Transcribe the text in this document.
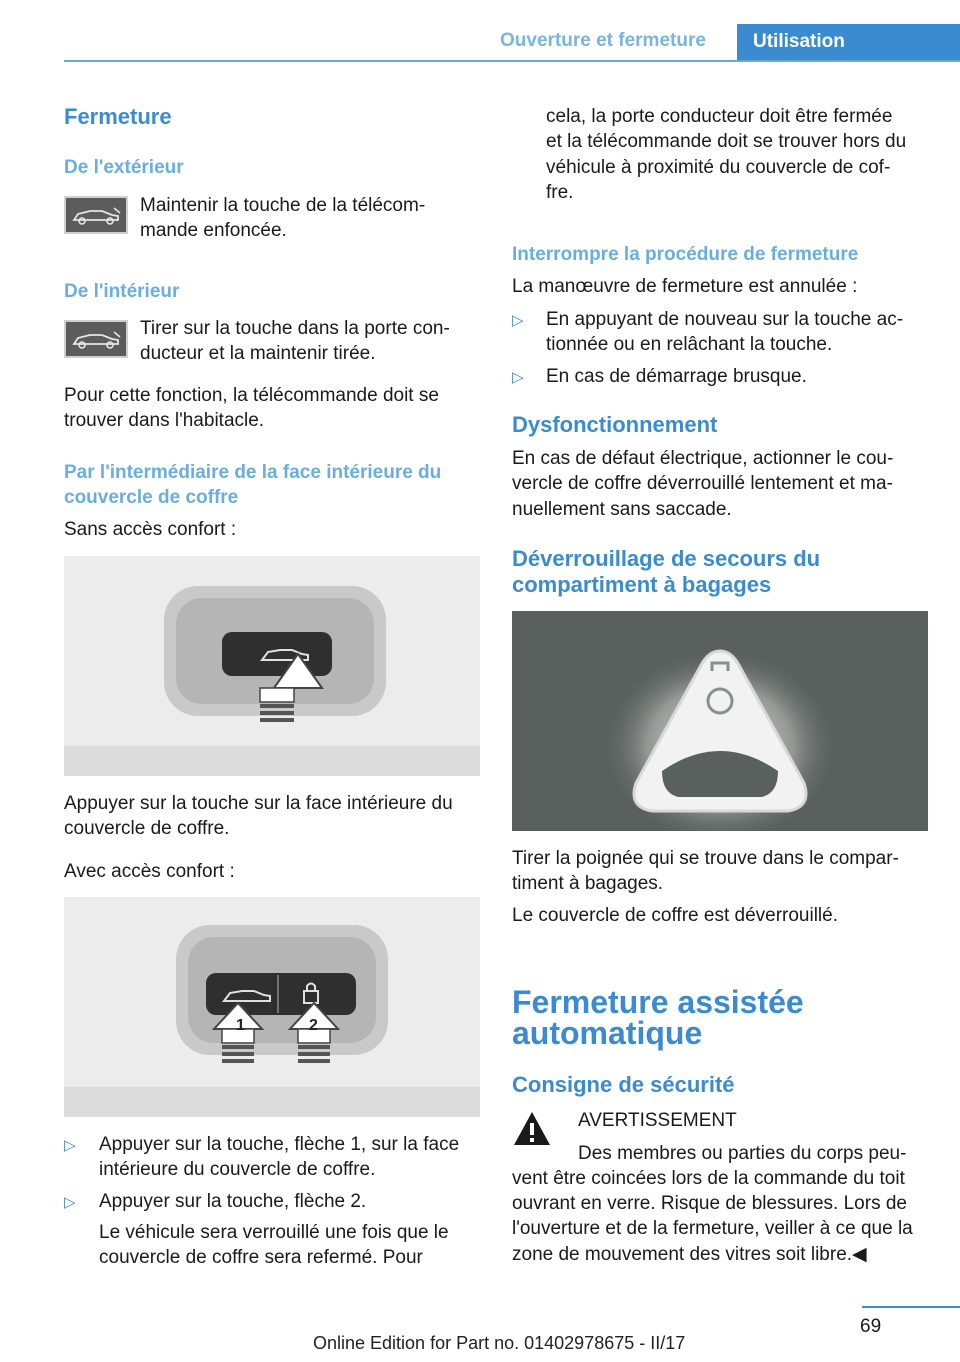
Ouverture et fermeture	Utilisation
Fermeture
De l'extérieur
Maintenir la touche de la télécom‐
mande enfoncée.
De l'intérieur
Tirer sur la touche dans la porte con‐
ducteur et la maintenir tirée.
Pour cette fonction, la télécommande doit se
trouver dans l'habitacle.
Par l'intermédiaire de la face intérieure du
couvercle de coffre
Sans accès confort :
Appuyer sur la touche sur la face intérieure du
couvercle de coffre.
Avec accès confort :
1	2
▷ Appuyer sur la touche, flèche 1, sur la face
intérieure du couvercle de coffre.
▷ Appuyer sur la touche, flèche 2.
Le véhicule sera verrouillé une fois que le
couvercle de coffre sera refermé. Pour
cela, la porte conducteur doit être fermée
et la télécommande doit se trouver hors du
véhicule à proximité du couvercle de cof‐
fre.
Interrompre la procédure de fermeture
La manœuvre de fermeture est annulée :
▷ En appuyant de nouveau sur la touche ac‐
tionnée ou en relâchant la touche.
▷ En cas de démarrage brusque.
Dysfonctionnement
En cas de défaut électrique, actionner le cou‐
vercle de coffre déverrouillé lentement et ma‐
nuellement sans saccade.
Déverrouillage de secours du
compartiment à bagages
Tirer la poignée qui se trouve dans le compar‐
timent à bagages.
Le couvercle de coffre est déverrouillé.
Fermeture assistée
automatique
Consigne de sécurité
AVERTISSEMENT
Des membres ou parties du corps peu‐
vent être coincées lors de la commande du toit
ouvrant en verre. Risque de blessures. Lors de
l'ouverture et de la fermeture, veiller à ce que la
zone de mouvement des vitres soit libre.◀
69
Online Edition for Part no. 01402978675 - II/17
